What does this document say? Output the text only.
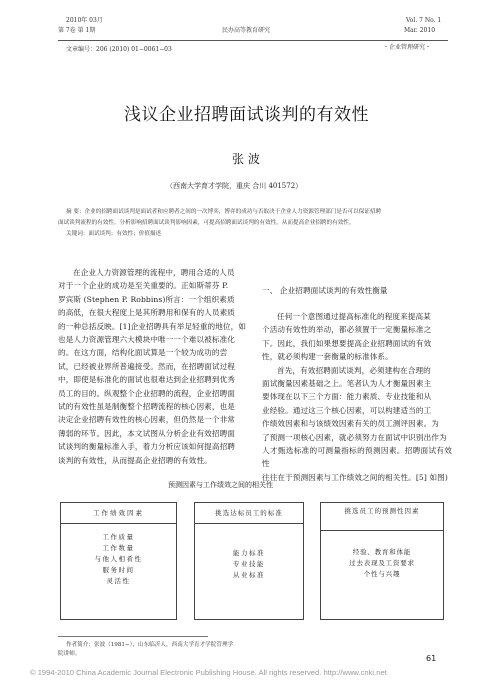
2010年 03月
第 7卷 第 1期	民办高等教育研究
Vol. 7 No. 1
Mar. 2010
文章编号：206 (2010) 01−0061−03	・企业管理研究・
浅议企业招聘面试谈判的有效性
张 波
（西南大学育才学院，重庆 合川 401572）
摘 要：企业的招聘面试谈判是面试者和应聘者之间的一次博弈，博弈的成功与否取决于企业人力资源管理部门是否可以保证招聘
面试谈判流程的有效性。分析影响招聘面试谈判影响因素，可提高招聘面试谈判的有效性，从而提高企业招聘的有效性。
关键词：面试谈判；有效性；价值描述
在企业人力资源管理的流程中，聘用合适的人员
对于一个企业的成功是至关重要的。正如斯蒂芬 P.
罗宾斯 (Stephen P. Robbins)所言：一个组织素质
的高低，在很大程度上是其所聘用和保有的人员素质
的一种总括反映。[1]企业招聘具有举足轻重的地位，如
也是人力资源管理六大模块中唯一一个难以被标准化
的。在这方面，结构化面试算是一个较为成功的尝
试，已经被业界所普遍接受。然而，在招聘面试过程
中，即使是标准化的面试也很难达到企业招聘到优秀
员工的目的。纵观整个企业招聘的流程，企业招聘面
试的有效性虽是制衡整个招聘流程的核心因素，也是
决定企业招聘有效性的核心因素，但仍然是一个非常
薄弱的环节。因此，本文试图从分析企业有效招聘面
试谈判的衡量标准入手，着力分析应该如何提高招聘
谈判的有效性，从而提高企业招聘的有效性。
一、 企业招聘面试谈判的有效性衡量
任何一个意图通过提高标准化的程度来提高某
个活动有效性的举动，都必须置于一定衡量标准之
下。因此，我们如果想要提高企业招聘面试的有效
性，就必须构建一套衡量的标准体系。
首先，有效招聘面试谈判，必须建构在合理的
面试衡量因素基础之上。笔者认为人才衡量因素主
要体现在以下三个方面：能力素质、专业技能和从
业经验。通过这三个核心因素，可以构建适当的工
作绩效因素和与该绩效因素有关的员工测评因素。为
了预测一项核心因素，就必须努力在面试中识别出作为
人才甄选标准的可测量指标的预测因素。招聘面试有效性
往往在于预测因素与工作绩效之间的相关性。[5] 如图)
预测因素与工作绩效之间的相关性
工作绩效因素
工作质量
工作数量
与他人相肴性
服务时间
灵活性
挑选达标员工的标准
能力标准
专业技能
从业标准
挑选员工的预测性因素
经验、教育和体能
过去表现及工资要求
个性与兴趣
作者简介：张波（1981−），山东临沂人，西南大学育才学院管理学
院讲师。	61
© 1994-2010 China Academic Journal Electronic Publishing House. All rights reserved. http://www.cnki.net
